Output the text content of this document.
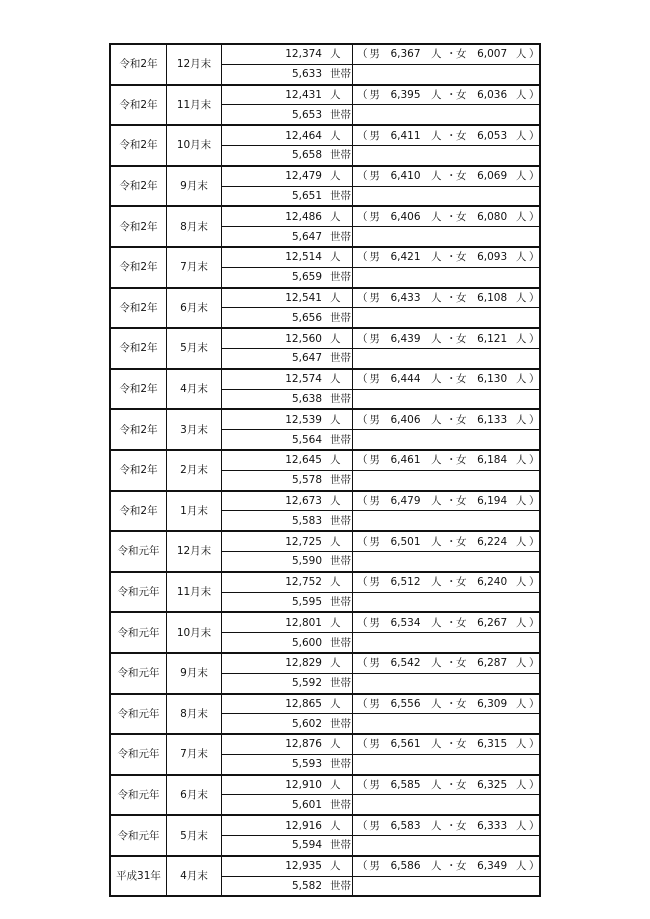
令和2年	12月末	12,374 人	（ 男	6,367 人 ・ 女	6,007 人 ）

		5,633 世帯	
令和2年	11月末	12,431 人	（ 男	6,395 人 ・ 女	6,036 人 ）

		5,653 世帯	
令和2年	10月末	12,464 人	（ 男	6,411 人 ・ 女	6,053 人 ）

		5,658 世帯	
令和2年	9月末	12,479 人	（ 男	6,410 人 ・ 女	6,069 人 ）

		5,651 世帯	
令和2年	8月末	12,486 人	（ 男	6,406 人 ・ 女	6,080 人 ）

		5,647 世帯	
令和2年	7月末	12,514 人	（ 男	6,421 人 ・ 女	6,093 人 ）

		5,659 世帯	
令和2年	6月末	12,541 人	（ 男	6,433 人 ・ 女	6,108 人 ）

		5,656 世帯	
令和2年	5月末	12,560 人	（ 男	6,439 人 ・ 女	6,121 人 ）

		5,647 世帯	
令和2年	4月末	12,574 人	（ 男	6,444 人 ・ 女	6,130 人 ）

		5,638 世帯	
令和2年	3月末	12,539 人	（ 男	6,406 人 ・ 女	6,133 人 ）

		5,564 世帯	
令和2年	2月末	12,645 人	（ 男	6,461 人 ・ 女	6,184 人 ）

		5,578 世帯	
令和2年	1月末	12,673 人	（ 男	6,479 人 ・ 女	6,194 人 ）

		5,583 世帯	
令和元年	12月末	12,725 人	（ 男	6,501 人 ・ 女	6,224 人 ）

		5,590 世帯	
令和元年	11月末	12,752 人	（ 男	6,512 人 ・ 女	6,240 人 ）

		5,595 世帯	
令和元年	10月末	12,801 人	（ 男	6,534 人 ・ 女	6,267 人 ）

		5,600 世帯	
令和元年	9月末	12,829 人	（ 男	6,542 人 ・ 女	6,287 人 ）

		5,592 世帯	
令和元年	8月末	12,865 人	（ 男	6,556 人 ・ 女	6,309 人 ）

		5,602 世帯	
令和元年	7月末	12,876 人	（ 男	6,561 人 ・ 女	6,315 人 ）

		5,593 世帯	
令和元年	6月末	12,910 人	（ 男	6,585 人 ・ 女	6,325 人 ）

		5,601 世帯	
令和元年	5月末	12,916 人	（ 男	6,583 人 ・ 女	6,333 人 ）

		5,594 世帯	
平成31年	4月末	12,935 人	（ 男	6,586 人 ・ 女	6,349 人 ）

		5,582 世帯	
